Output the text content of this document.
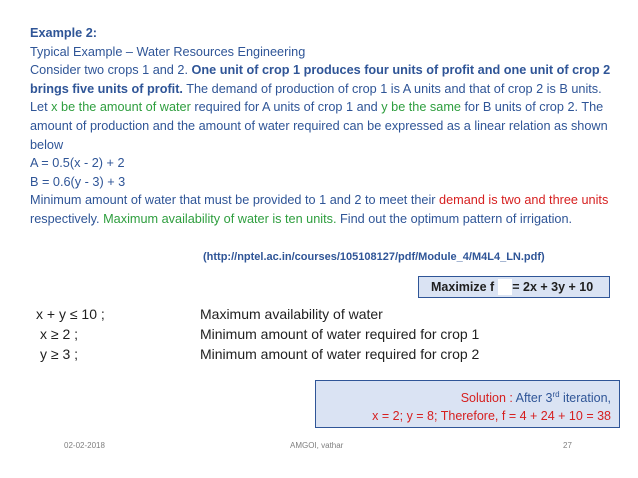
Example 2:

Typical Example – Water Resources Engineering

Consider two crops 1 and 2. One unit of crop 1 produces four units of profit and one unit of crop 2 brings five units of profit. The demand of production of crop 1 is A units and that of crop 2 is B units. Let x be the amount of water required for A units of crop 1 and y be the same for B units of crop 2. The amount of production and the amount of water required can be expressed as a linear relation as shown below

A = 0.5(x - 2) + 2

B = 0.6(y - 3) + 3

Minimum amount of water that must be provided to 1 and 2 to meet their demand is two and three units respectively. Maximum availability of water is ten units. Find out the optimum pattern of irrigation.

(http://nptel.ac.in/courses/105108127/pdf/Module_4/M4L4_LN.pdf)
Maximize f = 2x + 3y + 10
x + y ≤ 10 ;	Maximum availability of water
x ≥ 2 ;	Minimum amount of water required for crop 1
y ≥ 3 ;	Minimum amount of water required for crop 2
Solution : After 3rd iteration,
x = 2; y = 8; Therefore, f = 4 + 24 + 10 = 38
02-02-2018	AMGOI, vathar	27
